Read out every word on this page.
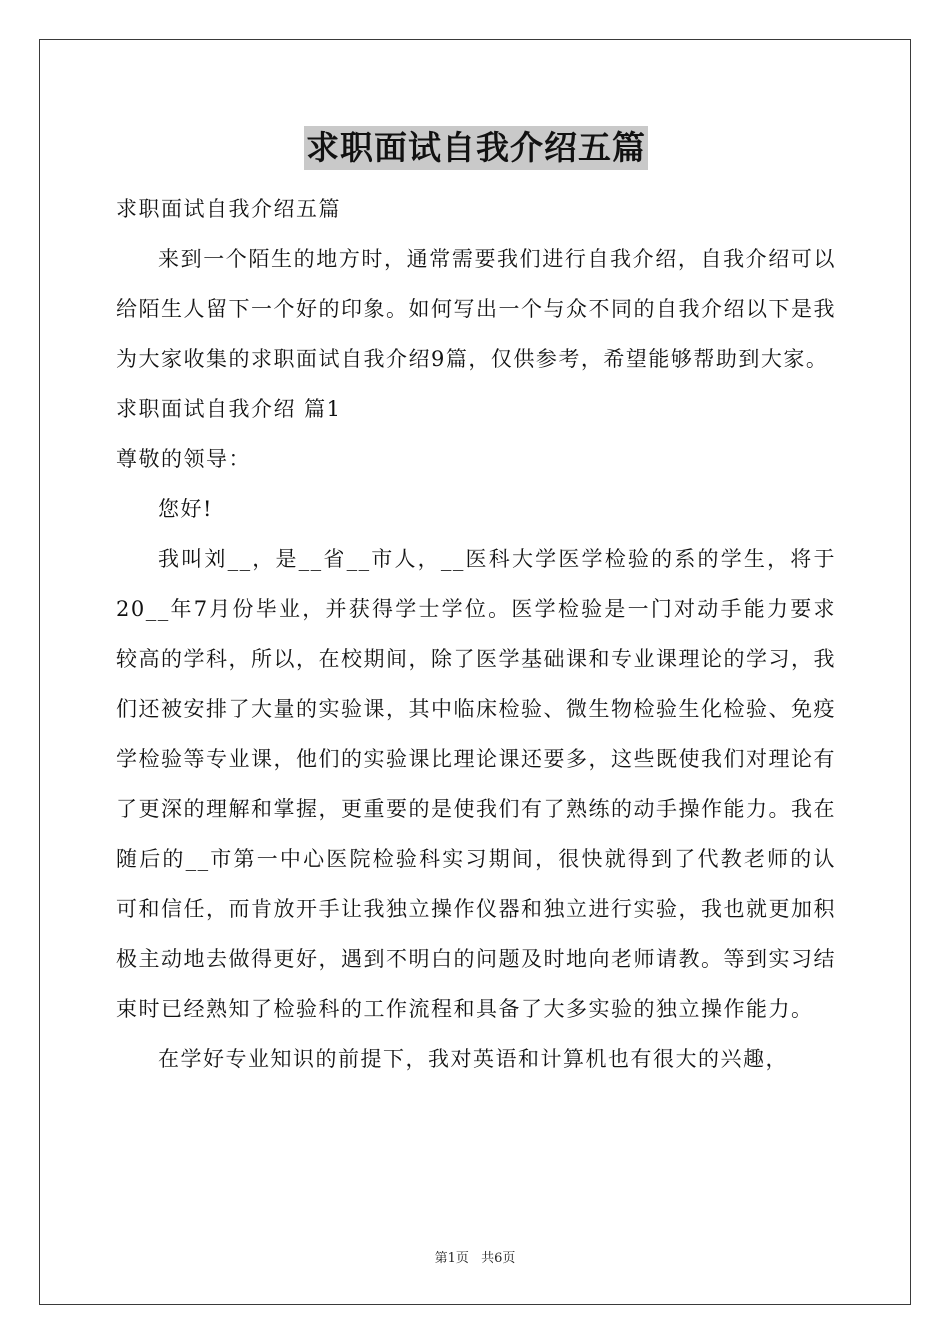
求职面试自我介绍五篇

求职面试自我介绍五篇

来到一个陌生的地方时，通常需要我们进行自我介绍，自我介绍可以给陌生人留下一个好的印象。如何写出一个与众不同的自我介绍以下是我为大家收集的求职面试自我介绍9篇，仅供参考，希望能够帮助到大家。

求职面试自我介绍 篇1

尊敬的领导：

您好!

我叫刘__，是__省__市人，__医科大学医学检验的系的学生，将于20__年7月份毕业，并获得学士学位。医学检验是一门对动手能力要求较高的学科，所以，在校期间，除了医学基础课和专业课理论的学习，我们还被安排了大量的实验课，其中临床检验、微生物检验生化检验、免疫学检验等专业课，他们的实验课比理论课还要多，这些既使我们对理论有了更深的理解和掌握，更重要的是使我们有了熟练的动手操作能力。我在随后的__市第一中心医院检验科实习期间，很快就得到了代教老师的认可和信任，而肯放开手让我独立操作仪器和独立进行实验，我也就更加积极主动地去做得更好，遇到不明白的问题及时地向老师请教。等到实习结束时已经熟知了检验科的工作流程和具备了大多实验的独立操作能力。

在学好专业知识的前提下，我对英语和计算机也有很大的兴趣，

第1页 共6页
